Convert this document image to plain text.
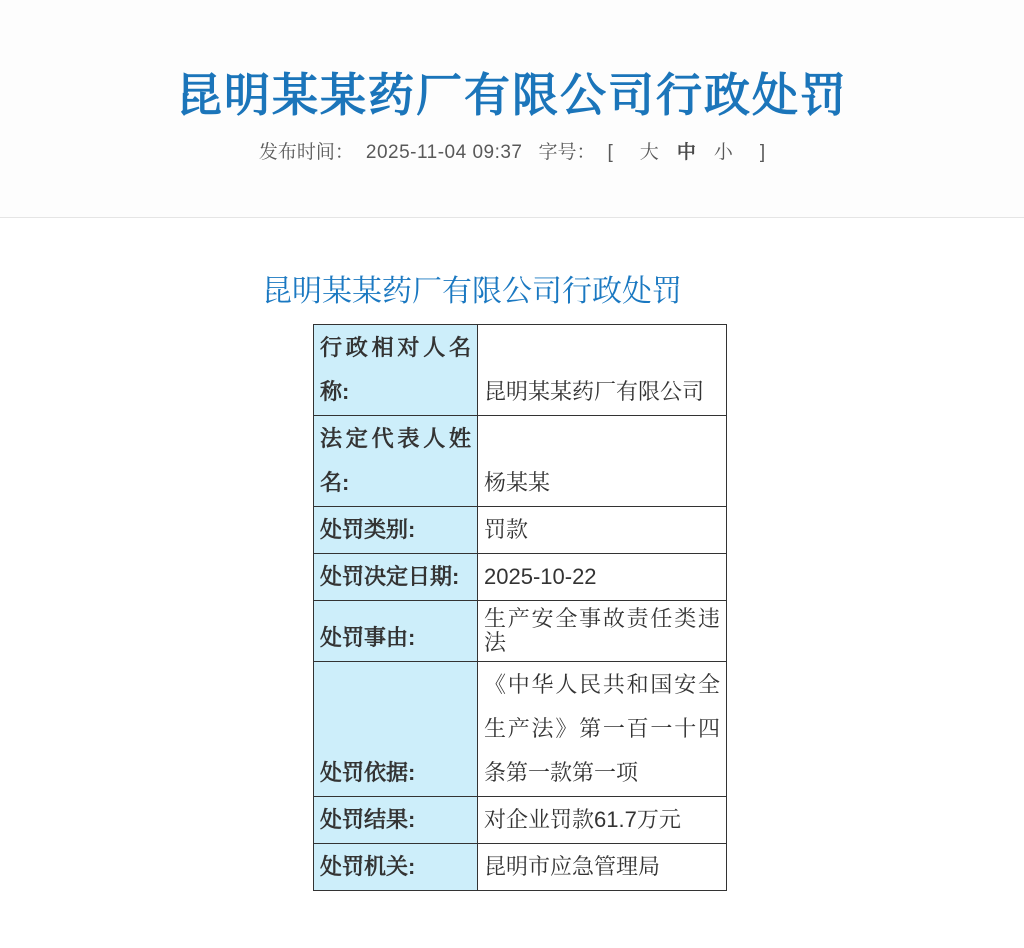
昆明某某药厂有限公司行政处罚
发布时间： 2025-11-04 09:37 字号： [ 大 中 小 ]
昆明某某药厂有限公司行政处罚
行政相对人名称:	昆明某某药厂有限公司
法定代表人姓名:	杨某某
处罚类别:	罚款
处罚决定日期:	2025-10-22
处罚事由:	生产安全事故责任类违法
处罚依据:	《中华人民共和国安全生产法》第一百一十四条第一款第一项
处罚结果:	对企业罚款61.7万元
处罚机关:	昆明市应急管理局
